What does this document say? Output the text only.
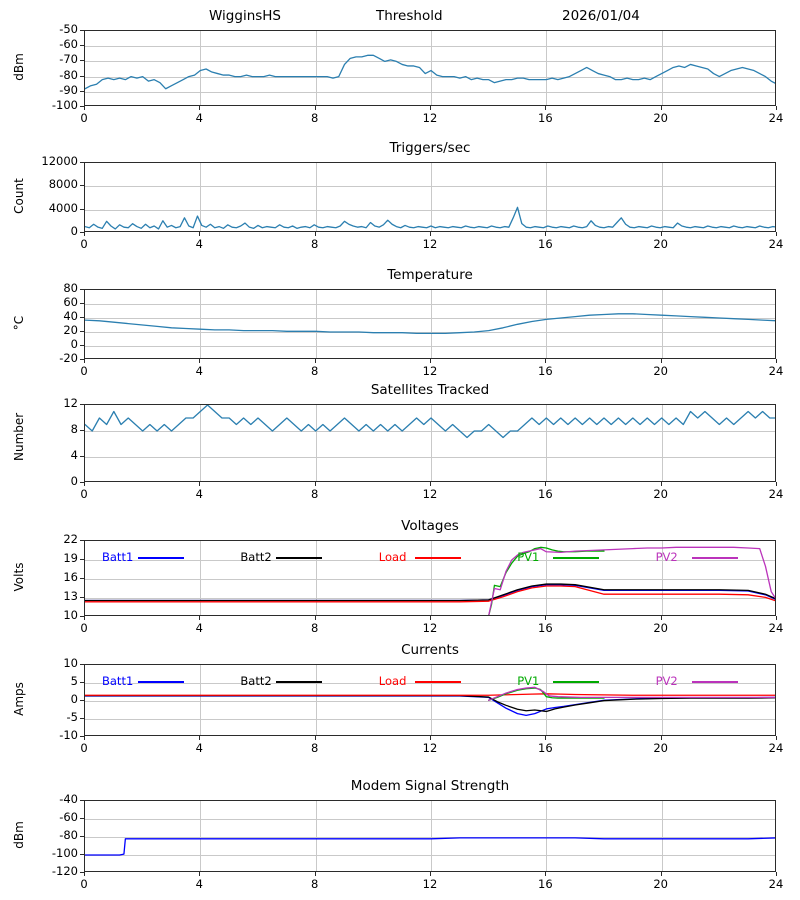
WigginsHS	Threshold	2026/01/04
-100
-90
-80
-70
-60
-50
0	4	8	12	16	20	24
dBm
Triggers/sec
0
4000
8000
12000
0	4	8	12	16	20	24
Count
Temperature
-20
0
20
40
60
80
0	4	8	12	16	20	24
°C
Satellites Tracked
0
4
8
12
0	4	8	12	16	20	24
Number
Voltages
10
13
16
19
22
0	4	8	12	16	20	24
Volts
Batt1	Batt2	Load	PV1	PV2
Currents
-10
-5
0
5
10
0	4	8	12	16	20	24
Amps
Batt1	Batt2	Load	PV1	PV2
Modem Signal Strength
-120
-100
-80
-60
-40
0	4	8	12	16	20	24
dBm
